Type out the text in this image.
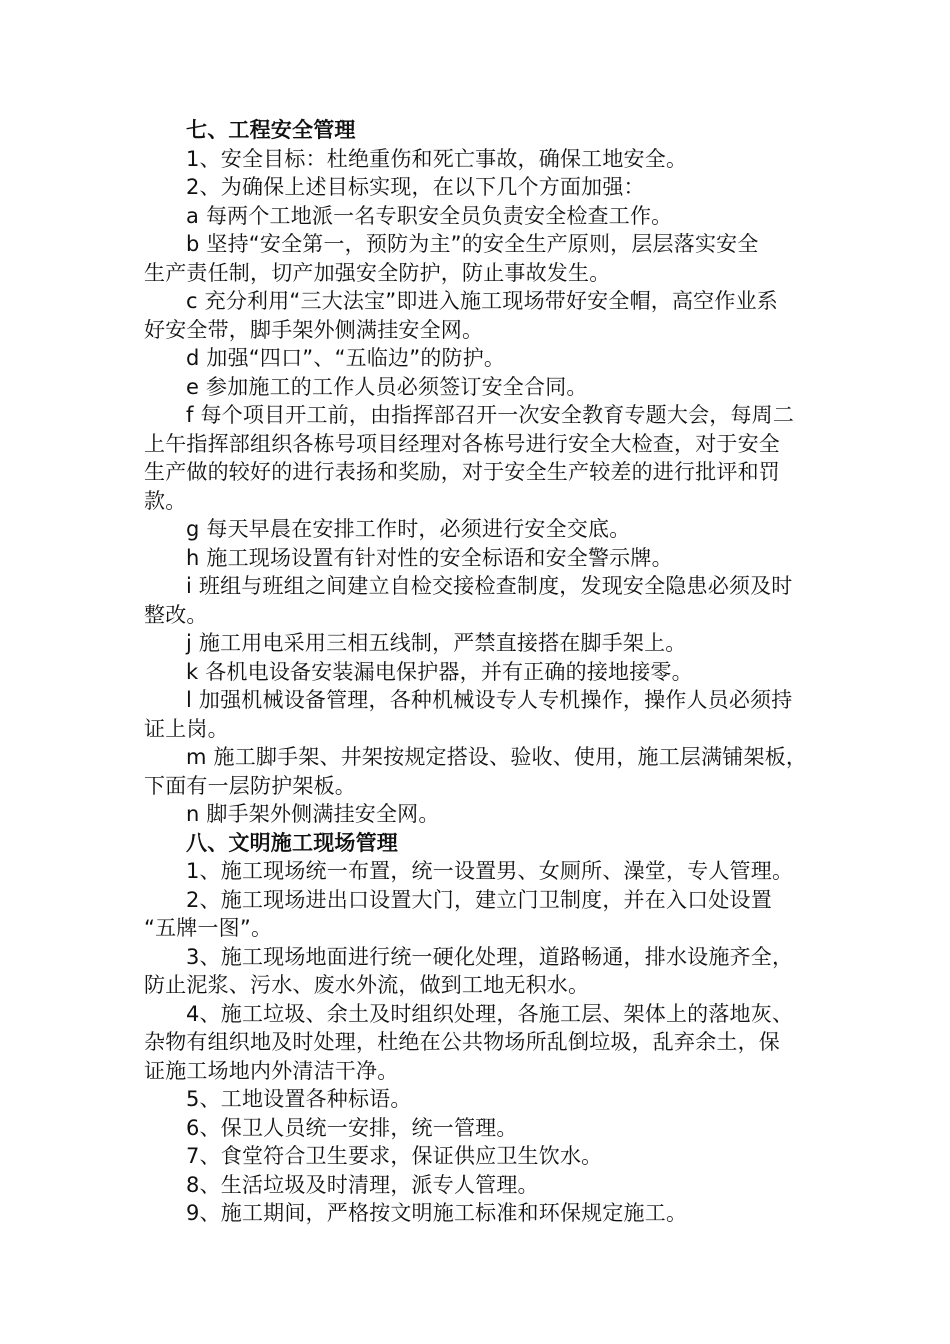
七、工程安全管理
1、安全目标：杜绝重伤和死亡事故，确保工地安全。
2、为确保上述目标实现，在以下几个方面加强：
a 每两个工地派一名专职安全员负责安全检查工作。
b 坚持“安全第一，预防为主”的安全生产原则，层层落实安全
生产责任制，切产加强安全防护，防止事故发生。
c 充分利用“三大法宝”即进入施工现场带好安全帽，高空作业系
好安全带，脚手架外侧满挂安全网。
d 加强“四口”、“五临边”的防护。
e 参加施工的工作人员必须签订安全合同。
f 每个项目开工前，由指挥部召开一次安全教育专题大会，每周二
上午指挥部组织各栋号项目经理对各栋号进行安全大检查，对于安全
生产做的较好的进行表扬和奖励，对于安全生产较差的进行批评和罚
款。
g 每天早晨在安排工作时，必须进行安全交底。
h 施工现场设置有针对性的安全标语和安全警示牌。
i 班组与班组之间建立自检交接检查制度，发现安全隐患必须及时
整改。
j 施工用电采用三相五线制，严禁直接搭在脚手架上。
k 各机电设备安装漏电保护器，并有正确的接地接零。
l 加强机械设备管理，各种机械设专人专机操作，操作人员必须持
证上岗。
m 施工脚手架、井架按规定搭设、验收、使用，施工层满铺架板，
下面有一层防护架板。
n 脚手架外侧满挂安全网。
八、文明施工现场管理
1、施工现场统一布置，统一设置男、女厕所、澡堂，专人管理。
2、施工现场进出口设置大门，建立门卫制度，并在入口处设置
“五牌一图”。
3、施工现场地面进行统一硬化处理，道路畅通，排水设施齐全，
防止泥浆、污水、废水外流，做到工地无积水。
4、施工垃圾、余土及时组织处理，各施工层、架体上的落地灰、
杂物有组织地及时处理，杜绝在公共物场所乱倒垃圾，乱弃余土，保
证施工场地内外清洁干净。
5、工地设置各种标语。
6、保卫人员统一安排，统一管理。
7、食堂符合卫生要求，保证供应卫生饮水。
8、生活垃圾及时清理，派专人管理。
9、施工期间，严格按文明施工标准和环保规定施工。
